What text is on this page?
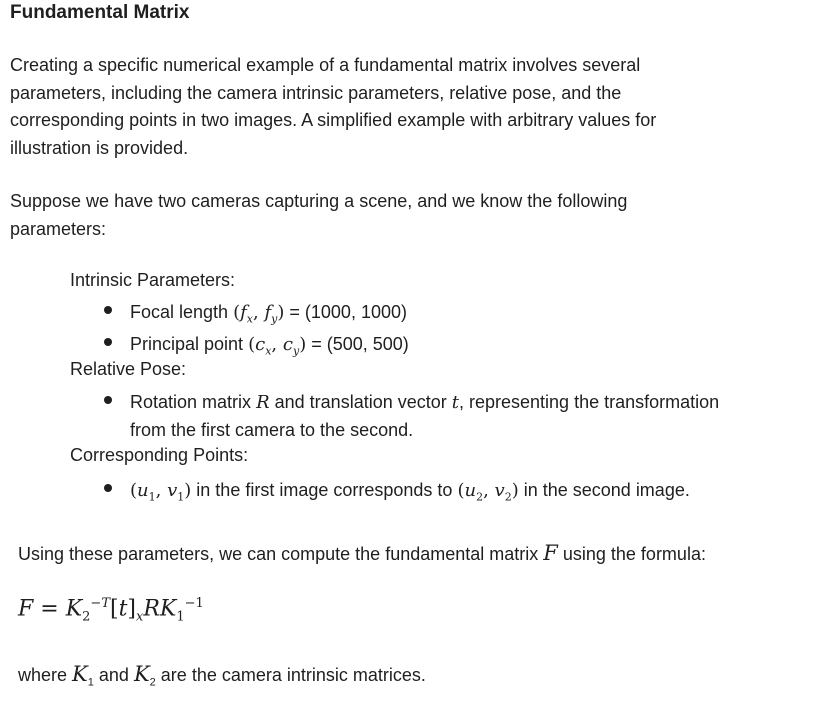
Fundamental Matrix
Creating a specific numerical example of a fundamental matrix involves several
parameters, including the camera intrinsic parameters, relative pose, and the
corresponding points in two images. A simplified example with arbitrary values for
illustration is provided.
Suppose we have two cameras capturing a scene, and we know the following
parameters:
Intrinsic Parameters:
Focal length ($f_x$, $f_y) = (1000$, 1000)
Principal point ($c_x$, $c_y) = (500$, 500)
Relative Pose:
Rotation matrix R and translation vector t, representing the transformation
from the first camera to the second.
Corresponding Points:
($u_1$, $v_1$) in the first image corresponds to ($u_2$, $v_2$) in the second image.
Using these parameters, we can compute the fundamental matrix F using the formula:
$F = K_2^{-T}[t]_xRK_1^{-1}$
where $K_1$ and $K_2$ are the camera intrinsic matrices.
